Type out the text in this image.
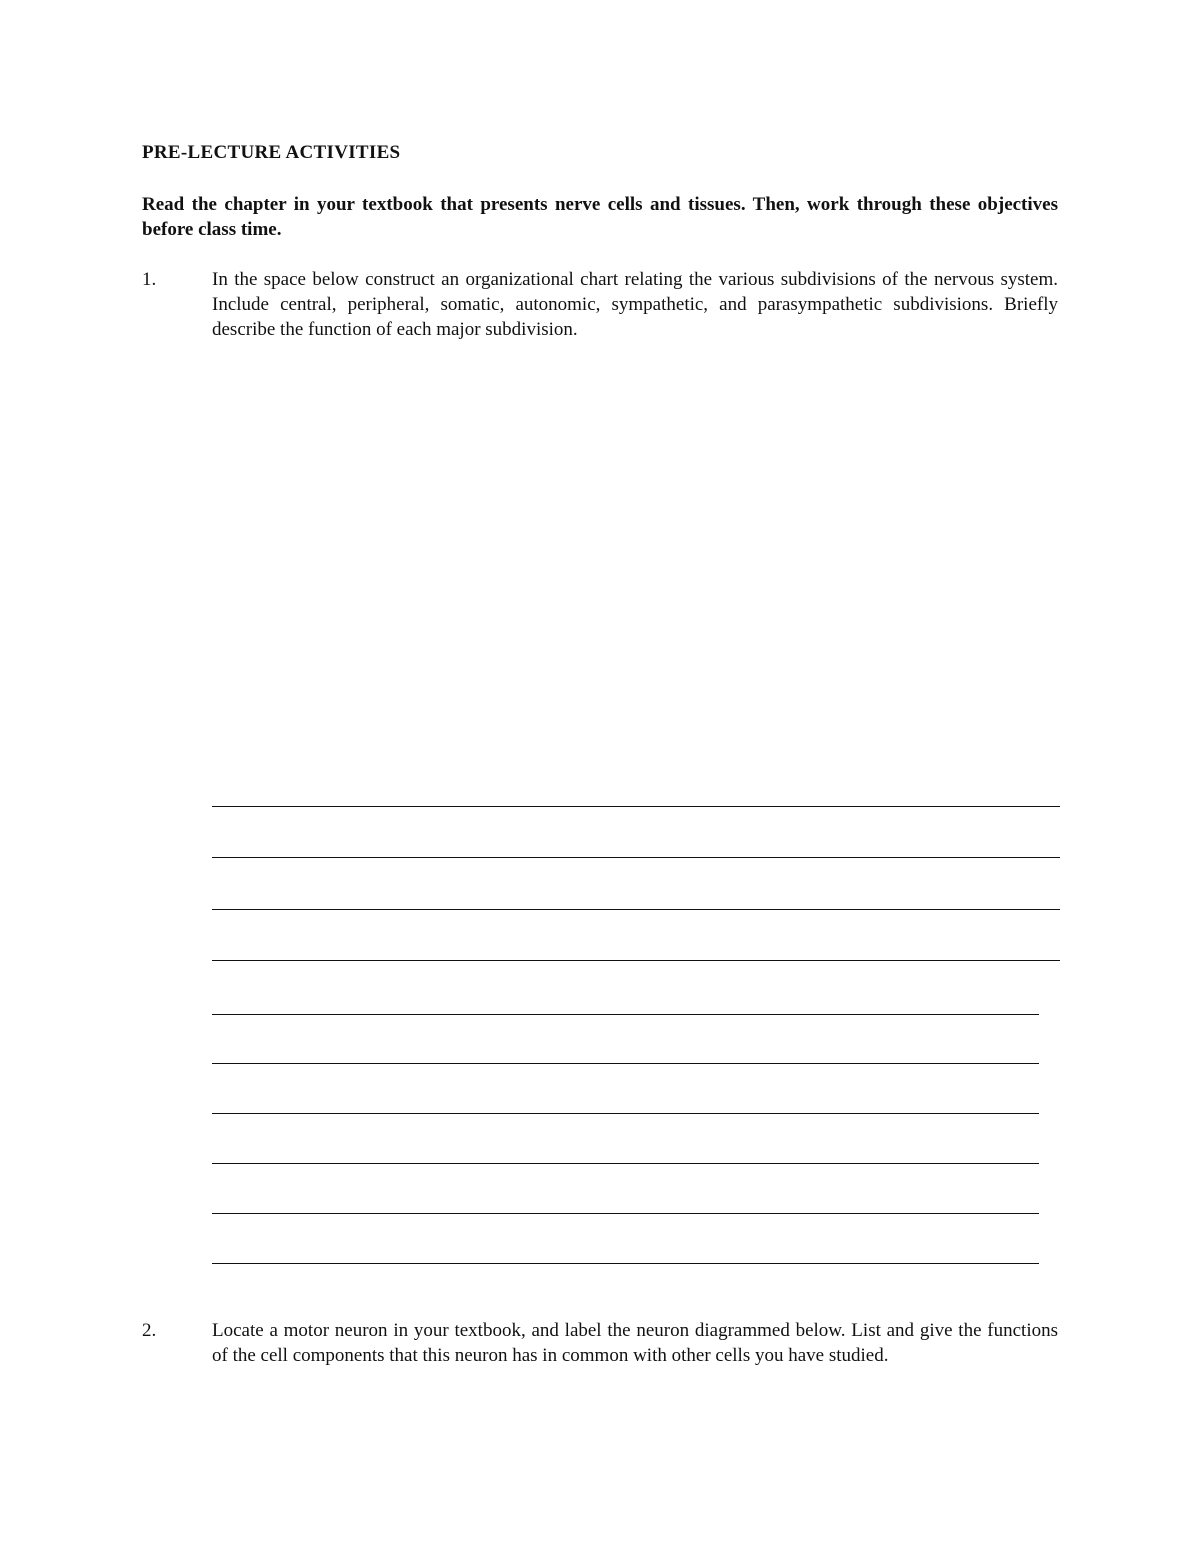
PRE-LECTURE ACTIVITIES

Read the chapter in your textbook that presents nerve cells and tissues. Then, work through these objectives before class time.

1.	In the space below construct an organizational chart relating the various subdivisions of the nervous system. Include central, peripheral, somatic, autonomic, sympathetic, and parasympathetic subdivisions. Briefly describe the function of each major subdivision.

2.	Locate a motor neuron in your textbook, and label the neuron diagrammed below. List and give the functions of the cell components that this neuron has in common with other cells you have studied.
